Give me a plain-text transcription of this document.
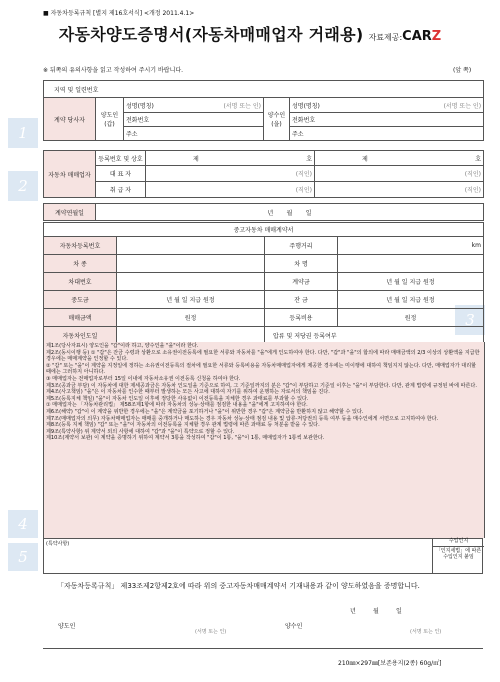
■ 자동차등록규칙 [별지 제16호서식] <개정 2011.4.1>
자동차양도증명서(자동차매매업자 거래용) 자료제공:CARZ
※ 뒤쪽의 유의사항을 읽고 작성하여 주시기 바랍니다.	(앞 쪽)
1
2
3
4
5
지역 및 일련번호				
계약 당사자	양도인(갑)	성명(명칭) (서명 또는 인)	양수인(을)	성명(명칭) (서명 또는 인)

		전화번호		전화번호
		주소		주소
자동차 매매업자	등록번호 및 상호	제 호	제 호

	대 표 자	(직인)	(직인)
	취 급 자	(직인)	(직인)
계약연월일	년 월 일
중고자동차 매매계약서			
자동차등록번호		주행거리	km
차 종		차 명	
차대번호		계약금	년 월 일 지급 원정
중도금	년 월 일 지급 원정	잔 금	년 월 일 지급 원정
매매금액	원정	등록비용	원정
자동차인도일		압류 및 저당권 등록여부	

제1조(당사자표시) 양도인을 "갑"이라 하고, 양수인을 "을"이라 한다.

제2조(동시이행 등) ① "갑"은 잔금 수령과 상환으로 소유권이전등록에 필요한 서류와 자동차를 "을"에게 인도하여야 한다. 다만, "갑"과 "을"의 합의에 따라 매매금액의 2/3 이상의 상환액을 지급한 경우에는 매매계약을 인정할 수 있다.

② "갑" 또는 "을"이 계약을 지정일에 정하는 소유권이전등록의 절차에 필요한 서류와 등록비용을 자동차매매업자에게 제공한 경우에는 미이행에 대하여 책임지지 않는다. 다만, 매매업자가 대리할 때에는 그러하지 아니하다.

③ 매매업자는 전매업자로부터 15일 이내에 자동차소유권 이전등록 신청을 하여야 한다.

제3조(공과금 부담) 이 자동차에 대한 제세공과금은 자동차 인도일을 기준으로 하여, 그 기준일까지의 분은 "갑"이 부담하고 기준일 이후는 "을"이 부담한다. 다만, 관계 법령에 규정된 바에 따른다.

제4조(사고책임) "을"은 이 자동차를 인수한 때부터 발생하는 모든 사고에 대하여 자기를 위하여 운행하는 자로서의 책임을 진다.

제5조(등록지체 책임) "을"이 자동차 인도일 이후에 정당한 사유없이 이전등록을 지체한 경우 과태료를 부과할 수 있다.

① 매매업자는 「자동차관리법」 제58조제1항에 따라 자동차의 성능·상태를 점검한 내용을 "을"에게 고지하여야 한다.

제6조(해약) "갑"이 이 계약을 위반한 경우에는 "을"은 계약금을 포기하거나 "을"이 위반한 경우 "갑"은 계약금을 반환하지 않고 해약할 수 있다.

제7조(매매업자의 의무) 자동차매매업자는 매매를 중개하거나 매도하는 경우 자동차 성능·상태 점검 내용 및 압류·저당권의 등록 여부 등을 매수인에게 서면으로 고지하여야 한다.

제8조(등록 지체 책임) "갑" 또는 "을"이 자동차의 이전등록을 지체할 경우 관계 법령에 따른 과태료 등 처분을 받을 수 있다.

제9조(특약사항) 위 계약서 외의 사항에 대하여 "갑"과 "을"이 특약으로 정할 수 있다.

제10조(계약서 보관) 이 계약을 증명하기 위하여 계약서 3통을 작성하여 "갑"이 1통, "을"이 1통, 매매업자가 1통씩 보관한다.

(특약사항)	수입인지
「인지세법」에 따른 수입인지 붙임
「자동차등록규칙」 제33조제2항제2호에 따라 위의 중고자동차매매계약서 기재내용과 같이 양도하였음을 증명합니다.
년	월	일
양도인
(서명 또는 인)
양수인
(서명 또는 인)
210㎜×297㎜[보존용지(2종) 60g/㎡]
